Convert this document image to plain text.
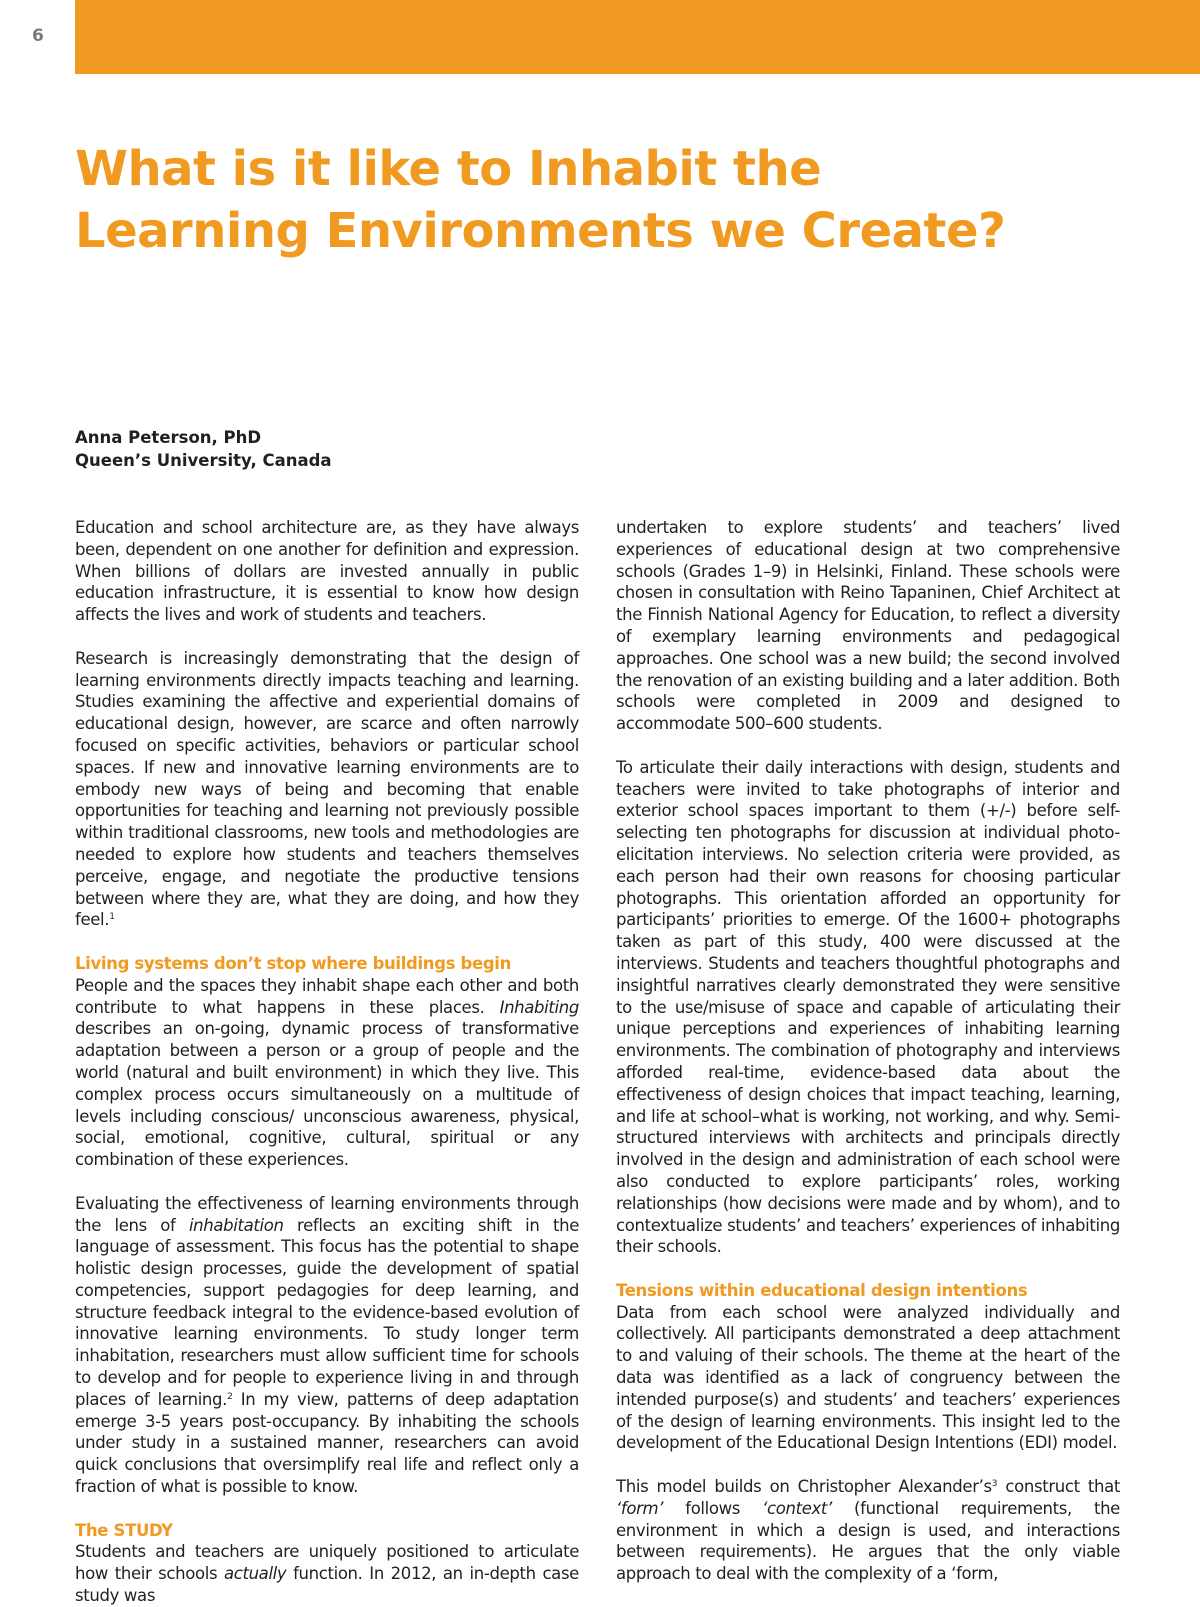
6
What is it like to Inhabit the
Learning Environments we Create?
Anna Peterson, PhD
Queen’s University, Canada

Education and school architecture are, as they have always been, dependent on one another for definition and expression. When billions of dollars are invested annually in public education infrastructure, it is essential to know how design affects the lives and work of students and teachers.

Research is increasingly demonstrating that the design of learning environments directly impacts teaching and learning. Studies examining the affective and experiential domains of educational design, however, are scarce and often narrowly focused on specific activities, behaviors or particular school spaces. If new and innovative learning environments are to embody new ways of being and becoming that enable opportunities for teaching and learning not previously possible within traditional classrooms, new tools and methodologies are needed to explore how students and teachers themselves perceive, engage, and negotiate the productive tensions between where they are, what they are doing, and how they feel.$^1$

Living systems don’t stop where buildings begin

People and the spaces they inhabit shape each other and both contribute to what happens in these places. Inhabiting describes an on-going, dynamic process of transformative adaptation between a person or a group of people and the world (natural and built environment) in which they live. This complex process occurs simultaneously on a multitude of levels including conscious/ unconscious awareness, physical, social, emotional, cognitive, cultural, spiritual or any combination of these experiences.

Evaluating the effectiveness of learning environments through the lens of inhabitation reflects an exciting shift in the language of assessment. This focus has the potential to shape holistic design processes, guide the development of spatial competencies, support pedagogies for deep learning, and structure feedback integral to the evidence-based evolution of innovative learning environments. To study longer term inhabitation, researchers must allow sufficient time for schools to develop and for people to experience living in and through places of learning.$^2$ In my view, patterns of deep adaptation emerge 3-5 years post-occupancy. By inhabiting the schools under study in a sustained manner, researchers can avoid quick conclusions that oversimplify real life and reflect only a fraction of what is possible to know.

The STUDY

Students and teachers are uniquely positioned to articulate how their schools actually function. In 2012, an in-depth case study was

undertaken to explore students’ and teachers’ lived experiences of educational design at two comprehensive schools (Grades 1–9) in Helsinki, Finland. These schools were chosen in consultation with Reino Tapaninen, Chief Architect at the Finnish National Agency for Education, to reflect a diversity of exemplary learning environments and pedagogical approaches. One school was a new build; the second involved the renovation of an existing building and a later addition. Both schools were completed in 2009 and designed to accommodate 500–600 students.

To articulate their daily interactions with design, students and teachers were invited to take photographs of interior and exterior school spaces important to them (+/-) before self-selecting ten photographs for discussion at individual photo-elicitation interviews. No selection criteria were provided, as each person had their own reasons for choosing particular photographs. This orientation afforded an opportunity for participants’ priorities to emerge. Of the 1600+ photographs taken as part of this study, 400 were discussed at the interviews. Students and teachers thoughtful photographs and insightful narratives clearly demonstrated they were sensitive to the use/misuse of space and capable of articulating their unique perceptions and experiences of inhabiting learning environments. The combination of photography and interviews afforded real-time, evidence-based data about the effectiveness of design choices that impact teaching, learning, and life at school–what is working, not working, and why. Semi-structured interviews with architects and principals directly involved in the design and administration of each school were also conducted to explore participants’ roles, working relationships (how decisions were made and by whom), and to contextualize students’ and teachers’ experiences of inhabiting their schools.

Tensions within educational design intentions

Data from each school were analyzed individually and collectively. All participants demonstrated a deep attachment to and valuing of their schools. The theme at the heart of the data was identified as a lack of congruency between the intended purpose(s) and students’ and teachers’ experiences of the design of learning environments. This insight led to the development of the Educational Design Intentions (EDI) model.

This model builds on Christopher $Alexander’s^3$ construct that ‘form’ follows ‘context’ (functional requirements, the environment in which a design is used, and interactions between requirements). He argues that the only viable approach to deal with the complexity of a ‘form,
